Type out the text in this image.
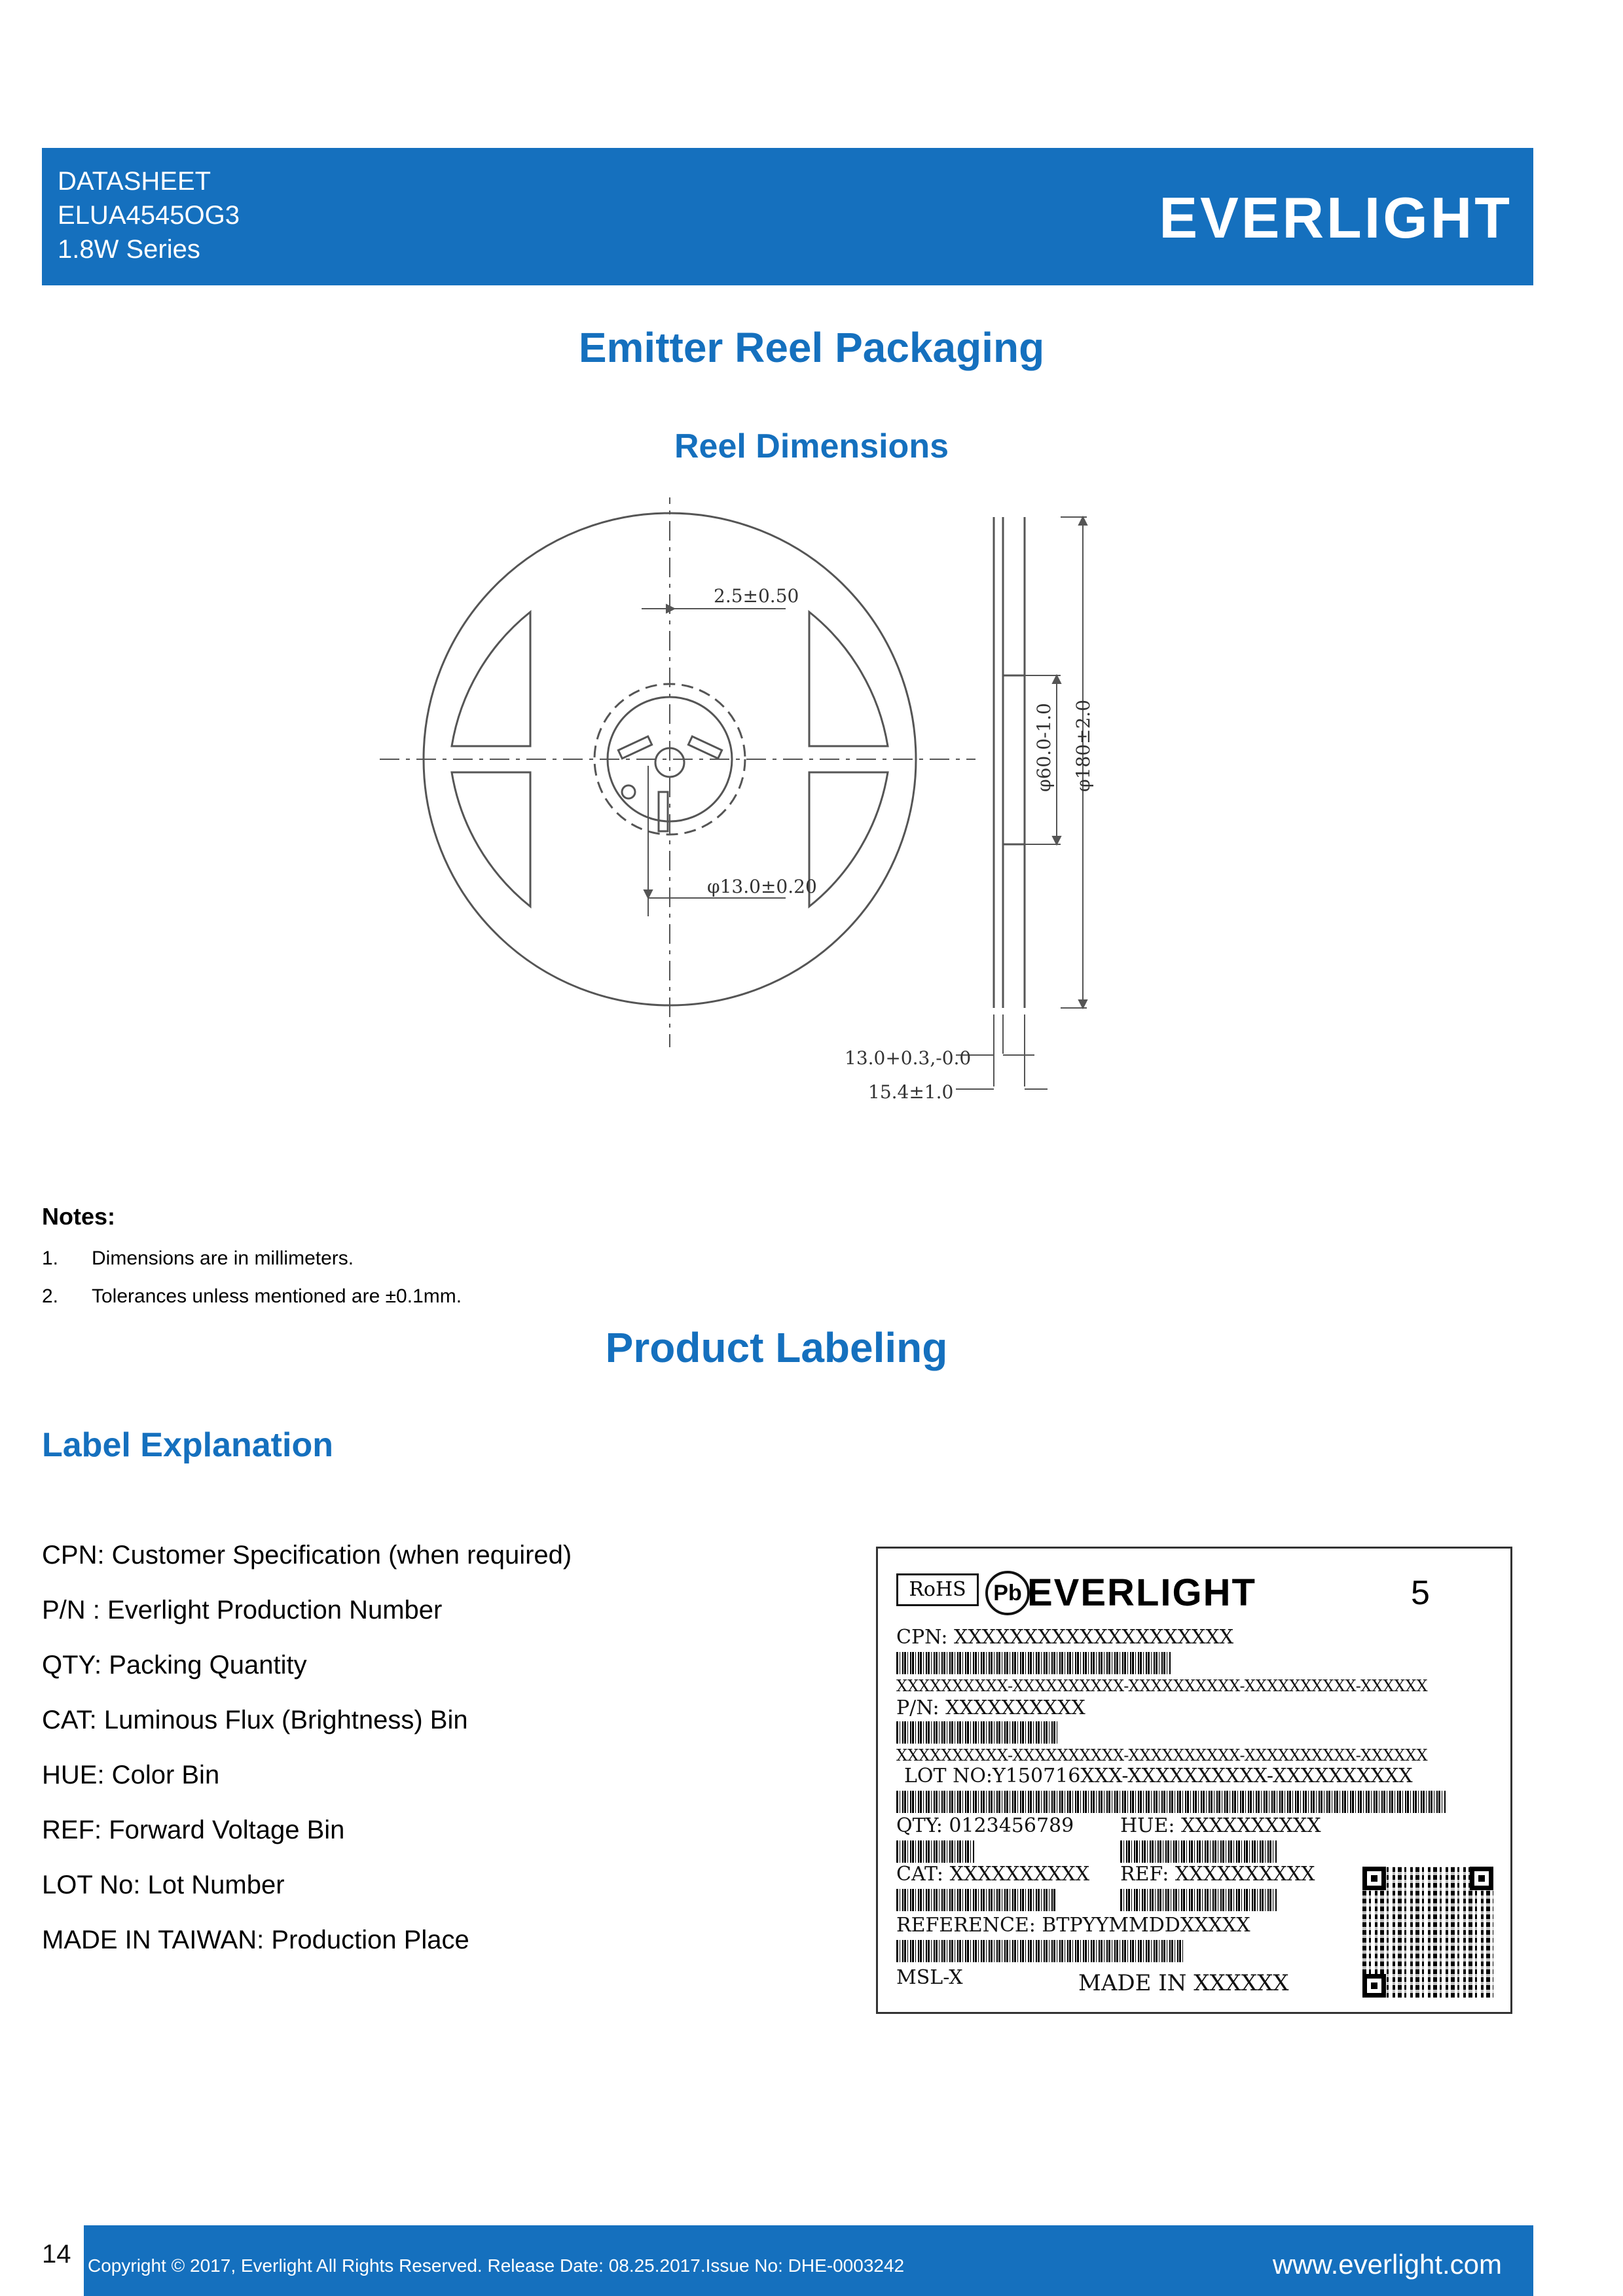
DATASHEET
ELUA4545OG3
1.8W Series	EVERLIGHT
Emitter Reel Packaging
Reel Dimensions
2.5±0.50
φ13.0±0.20
13.0+0.3,-0.0
15.4±1.0
φ60.0-1.0 φ180±2.0
Notes:
1. Dimensions are in millimeters.
2. Tolerances unless mentioned are ±0.1mm.
Product Labeling
Label Explanation
CPN: Customer Specification (when required)
P/N : Everlight Production Number
QTY: Packing Quantity
CAT: Luminous Flux (Brightness) Bin
HUE: Color Bin
REF: Forward Voltage Bin
LOT No: Lot Number
MADE IN TAIWAN: Production Place
RoHS	Pb EVERLIGHT	5
CPN: XXXXXXXXXXXXXXXXXXXX
XXXXXXXXXX-XXXXXXXXXX-XXXXXXXXXX-XXXXXXXXXX-XXXXXX
P/N: XXXXXXXXXX
XXXXXXXXXX-XXXXXXXXXX-XXXXXXXXXX-XXXXXXXXXX-XXXXXX
LOT NO:Y150716XXX-XXXXXXXXXX-XXXXXXXXXX
QTY: 0123456789 HUE: XXXXXXXXXX
CAT: XXXXXXXXXX REF: XXXXXXXXXX
REFERENCE: BTPYYMMDDXXXXX
MSL-X	MADE IN XXXXXX
14 Copyright © 2017, Everlight All Rights Reserved. Release Date: 08.25.2017.Issue No: DHE-0003242	www.everlight.com
